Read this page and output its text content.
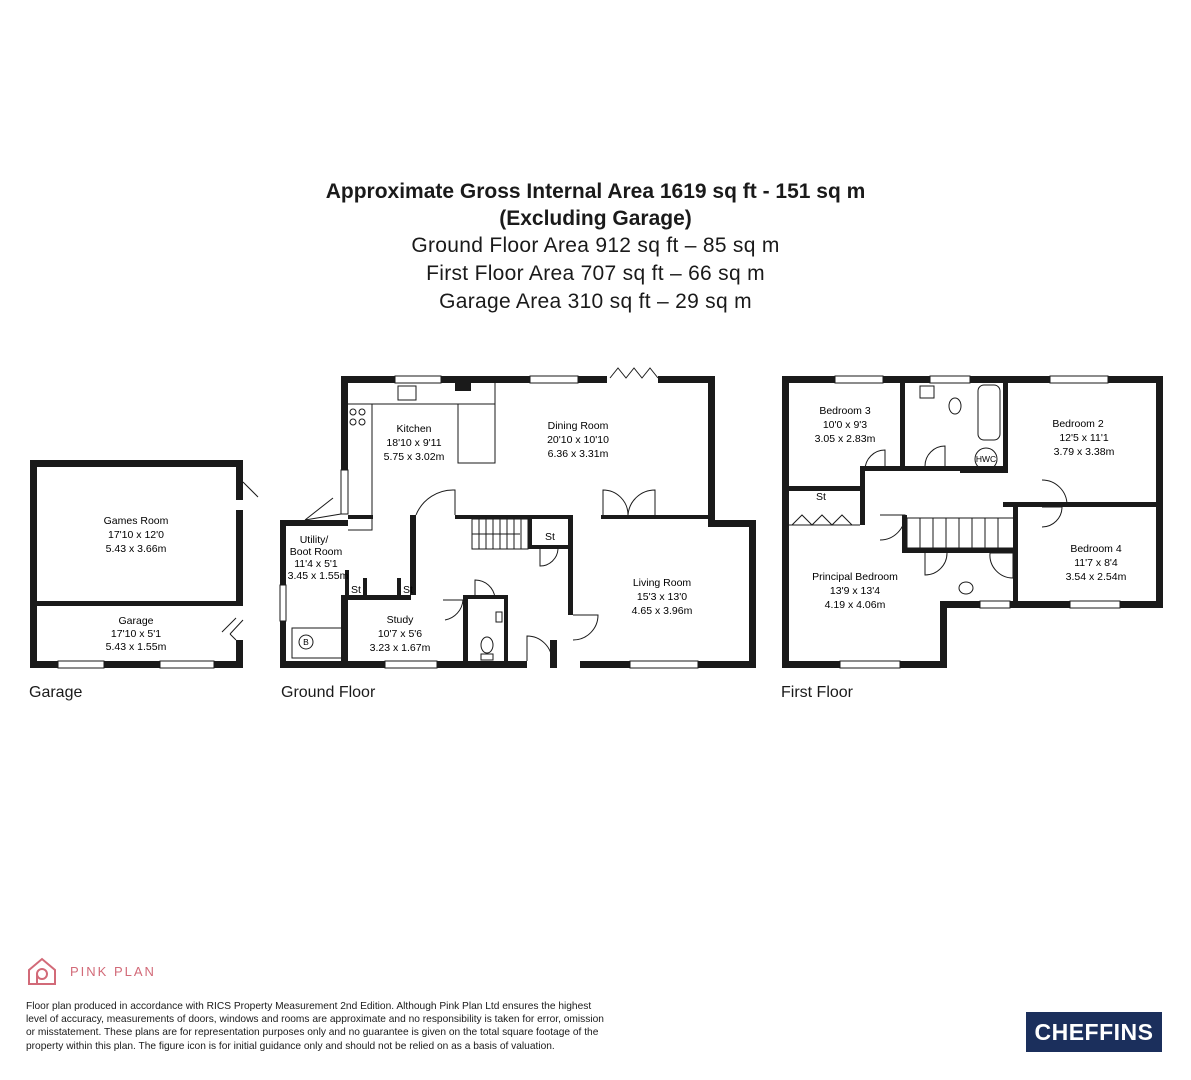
Approximate Gross Internal Area 1619 sq ft - 151 sq m
(Excluding Garage)
Ground Floor Area 912 sq ft – 85 sq m
First Floor Area 707 sq ft – 66 sq m
Garage Area 310 sq ft – 29 sq m
Games Room
17'10 x 12'0
5.43 x 3.66m
Garage
17'10 x 5'1
5.43 x 1.55m
Utility/
Boot Room
11'4 x 5'1
3.45 x 1.55m
Kitchen
18'10 x 9'11
5.75 x 3.02m
Dining Room
20'10 x 10'10
6.36 x 3.31m
Study
10'7 x 5'6
3.23 x 1.67m
Living Room
15'3 x 13'0
4.65 x 3.96m
Bedroom 3
10'0 x 9'3
3.05 x 2.83m
Bedroom 2
12'5 x 11'1
3.79 x 3.38m
Bedroom 4
11'7 x 8'4
3.54 x 2.54m
Principal Bedroom
13'9 x 13'4
4.19 x 4.06m
St	St
St
St
HWC
B
Garage	Ground Floor	First Floor
PINK PLAN
Floor plan produced in accordance with RICS Property Measurement 2nd Edition. Although Pink Plan Ltd ensures the highest
level of accuracy, measurements of doors, windows and rooms are approximate and no responsibility is taken for error, omission
or misstatement. These plans are for representation purposes only and no guarantee is given on the total square footage of the
property within this plan. The figure icon is for initial guidance only and should not be relied on as a basis of valuation.
CHEFFINS
